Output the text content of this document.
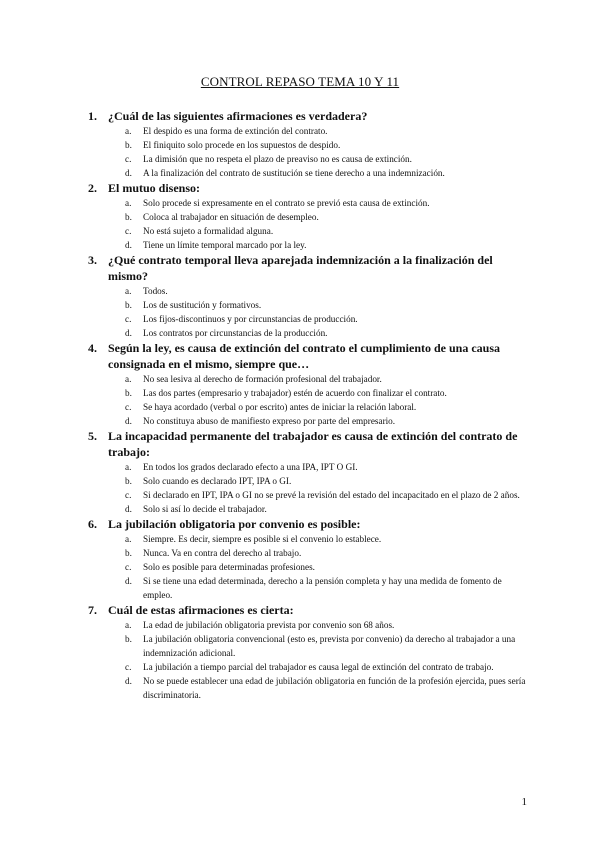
CONTROL REPASO TEMA 10 Y 11
1. ¿Cuál de las siguientes afirmaciones es verdadera?
a. El despido es una forma de extinción del contrato.
b. El finiquito solo procede en los supuestos de despido.
c. La dimisión que no respeta el plazo de preaviso no es causa de extinción.
d. A la finalización del contrato de sustitución se tiene derecho a una indemnización.
2. El mutuo disenso:
a. Solo procede si expresamente en el contrato se previó esta causa de extinción.
b. Coloca al trabajador en situación de desempleo.
c. No está sujeto a formalidad alguna.
d. Tiene un límite temporal marcado por la ley.
3. ¿Qué contrato temporal lleva aparejada indemnización a la finalización del mismo?
a. Todos.
b. Los de sustitución y formativos.
c. Los fijos-discontinuos y por circunstancias de producción.
d. Los contratos por circunstancias de la producción.
4. Según la ley, es causa de extinción del contrato el cumplimiento de una causa consignada en el mismo, siempre que…
a. No sea lesiva al derecho de formación profesional del trabajador.
b. Las dos partes (empresario y trabajador) estén de acuerdo con finalizar el contrato.
c. Se haya acordado (verbal o por escrito) antes de iniciar la relación laboral.
d. No constituya abuso de manifiesto expreso por parte del empresario.
5. La incapacidad permanente del trabajador es causa de extinción del contrato de trabajo:
a. En todos los grados declarado efecto a una IPA, IPT O GI.
b. Solo cuando es declarado IPT, IPA o GI.
c. Si declarado en IPT, IPA o GI no se prevé la revisión del estado del incapacitado en el plazo de 2 años.
d. Solo si así lo decide el trabajador.
6. La jubilación obligatoria por convenio es posible:
a. Siempre. Es decir, siempre es posible si el convenio lo establece.
b. Nunca. Va en contra del derecho al trabajo.
c. Solo es posible para determinadas profesiones.
d. Si se tiene una edad determinada, derecho a la pensión completa y hay una medida de fomento de empleo.
7. Cuál de estas afirmaciones es cierta:
a. La edad de jubilación obligatoria prevista por convenio son 68 años.
b. La jubilación obligatoria convencional (esto es, prevista por convenio) da derecho al trabajador a una indemnización adicional.
c. La jubilación a tiempo parcial del trabajador es causa legal de extinción del contrato de trabajo.
d. No se puede establecer una edad de jubilación obligatoria en función de la profesión ejercida, pues sería discriminatoria.
1
